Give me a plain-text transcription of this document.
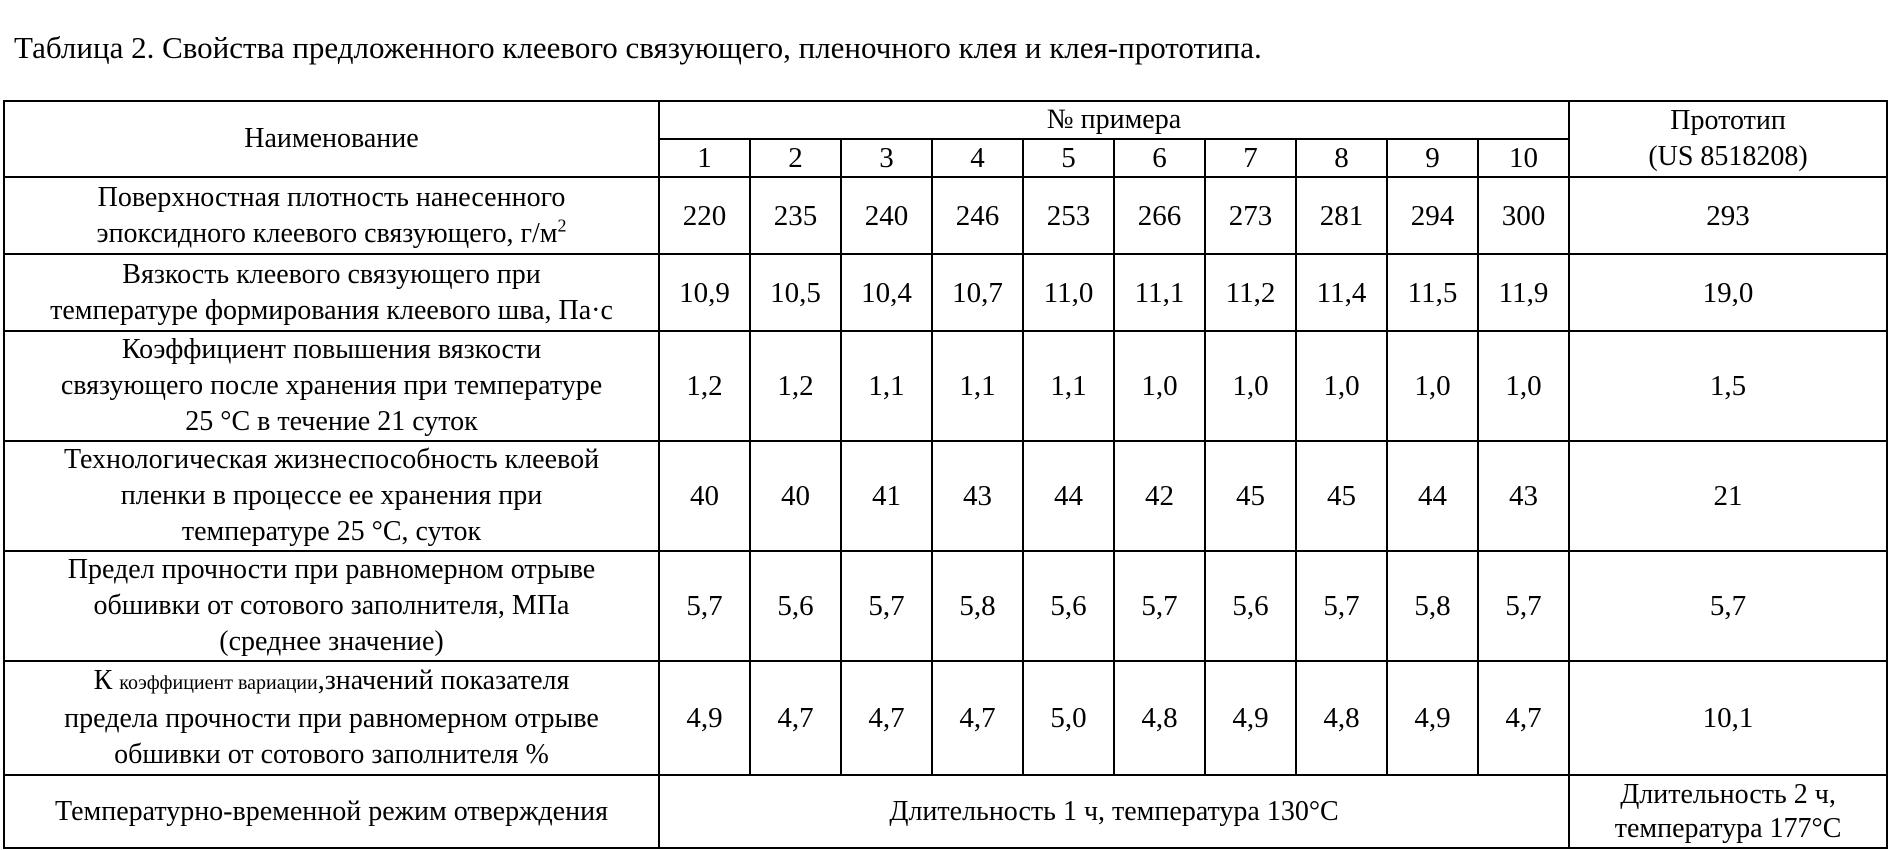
Таблица 2. Свойства предложенного клеевого связующего, пленочного клея и клея-прототипа.
Наименование	№ примера										Прототип
(US 8518208)

	1	2	3	4	5	6	7	8	9	10	

Поверхностная плотность нанесенного
эпоксидного клеевого связующего, $г/м^2$	220	235	240	246	253	266	273	281	294	300	293

Вязкость клеевого связующего при
температуре формирования клеевого шва, Па·с	10,9	10,5	10,4	10,7	11,0	11,1	11,2	11,4	11,5	11,9	19,0

Коэффициент повышения вязкости
связующего после хранения при температуре
25 °C в течение 21 суток	1,2	1,2	1,1	1,1	1,1	1,0	1,0	1,0	1,0	1,0	1,5

Технологическая жизнеспособность клеевой
пленки в процессе ее хранения при
температуре 25 °C, суток	40	40	41	43	44	42	45	45	44	43	21

Предел прочности при равномерном отрыве
обшивки от сотового заполнителя, МПа
(среднее значение)	5,7	5,6	5,7	5,8	5,6	5,7	5,6	5,7	5,8	5,7	5,7

К коэффициент вариации,значений показателя
предела прочности при равномерном отрыве
обшивки от сотового заполнителя %	4,9	4,7	4,7	4,7	5,0	4,8	4,9	4,8	4,9	4,7	10,1
Температурно-временной режим отверждения	Длительность 1 ч, температура 130°C										Длительность 2 ч,
температура 177°C
